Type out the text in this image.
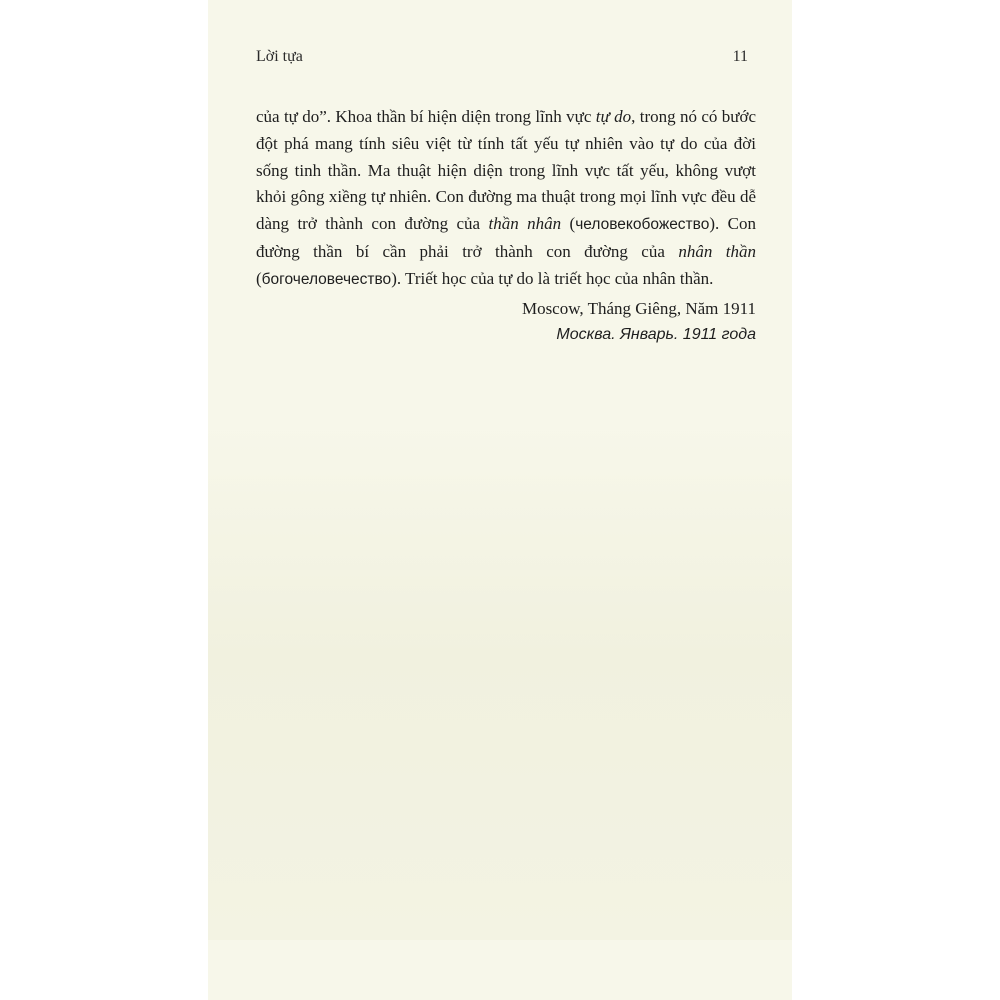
Lời tựa	11

của tự do”. Khoa thần bí hiện diện trong lĩnh vực tự do, trong nó có bước đột phá mang tính siêu việt từ tính tất yếu tự nhiên vào tự do của đời sống tinh thần. Ma thuật hiện diện trong lĩnh vực tất yếu, không vượt khỏi gông xiềng tự nhiên. Con đường ma thuật trong mọi lĩnh vực đều dễ dàng trở thành con đường của thần nhân (человекобожество). Con đường thần bí cần phải trở thành con đường của nhân thần (богочеловечество). Triết học của tự do là triết học của nhân thần.

Moscow, Tháng Giêng, Năm 1911

Москва. Январь. 1911 года
